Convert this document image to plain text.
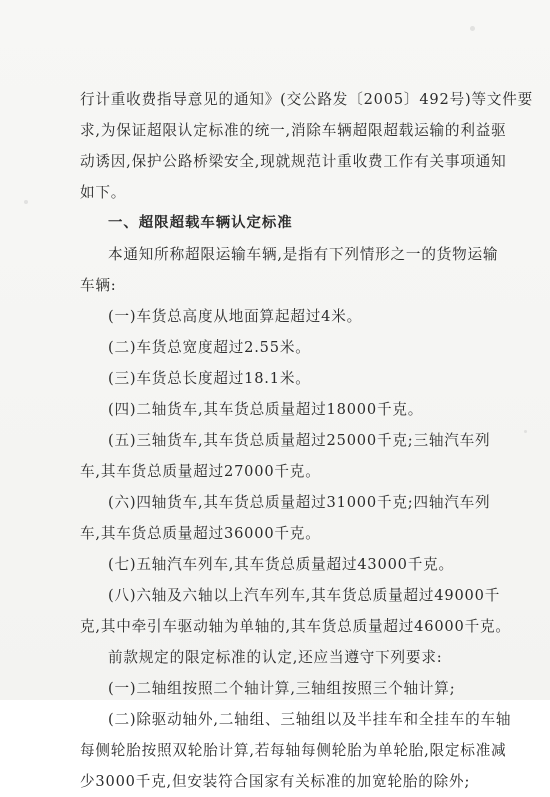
行计重收费指导意见的通知》(交公路发〔2005〕492号)等文件要
求,为保证超限认定标准的统一,消除车辆超限超载运输的利益驱
动诱因,保护公路桥梁安全,现就规范计重收费工作有关事项通知
如下。
一、超限超载车辆认定标准
本通知所称超限运输车辆,是指有下列情形之一的货物运输
车辆:
(一)车货总高度从地面算起超过4米。
(二)车货总宽度超过2.55米。
(三)车货总长度超过18.1米。
(四)二轴货车,其车货总质量超过18000千克。
(五)三轴货车,其车货总质量超过25000千克;三轴汽车列
车,其车货总质量超过27000千克。
(六)四轴货车,其车货总质量超过31000千克;四轴汽车列
车,其车货总质量超过36000千克。
(七)五轴汽车列车,其车货总质量超过43000千克。
(八)六轴及六轴以上汽车列车,其车货总质量超过49000千
克,其中牵引车驱动轴为单轴的,其车货总质量超过46000千克。
前款规定的限定标准的认定,还应当遵守下列要求:
(一)二轴组按照二个轴计算,三轴组按照三个轴计算;
(二)除驱动轴外,二轴组、三轴组以及半挂车和全挂车的车轴
每侧轮胎按照双轮胎计算,若每轴每侧轮胎为单轮胎,限定标准减
少3000千克,但安装符合国家有关标准的加宽轮胎的除外;
